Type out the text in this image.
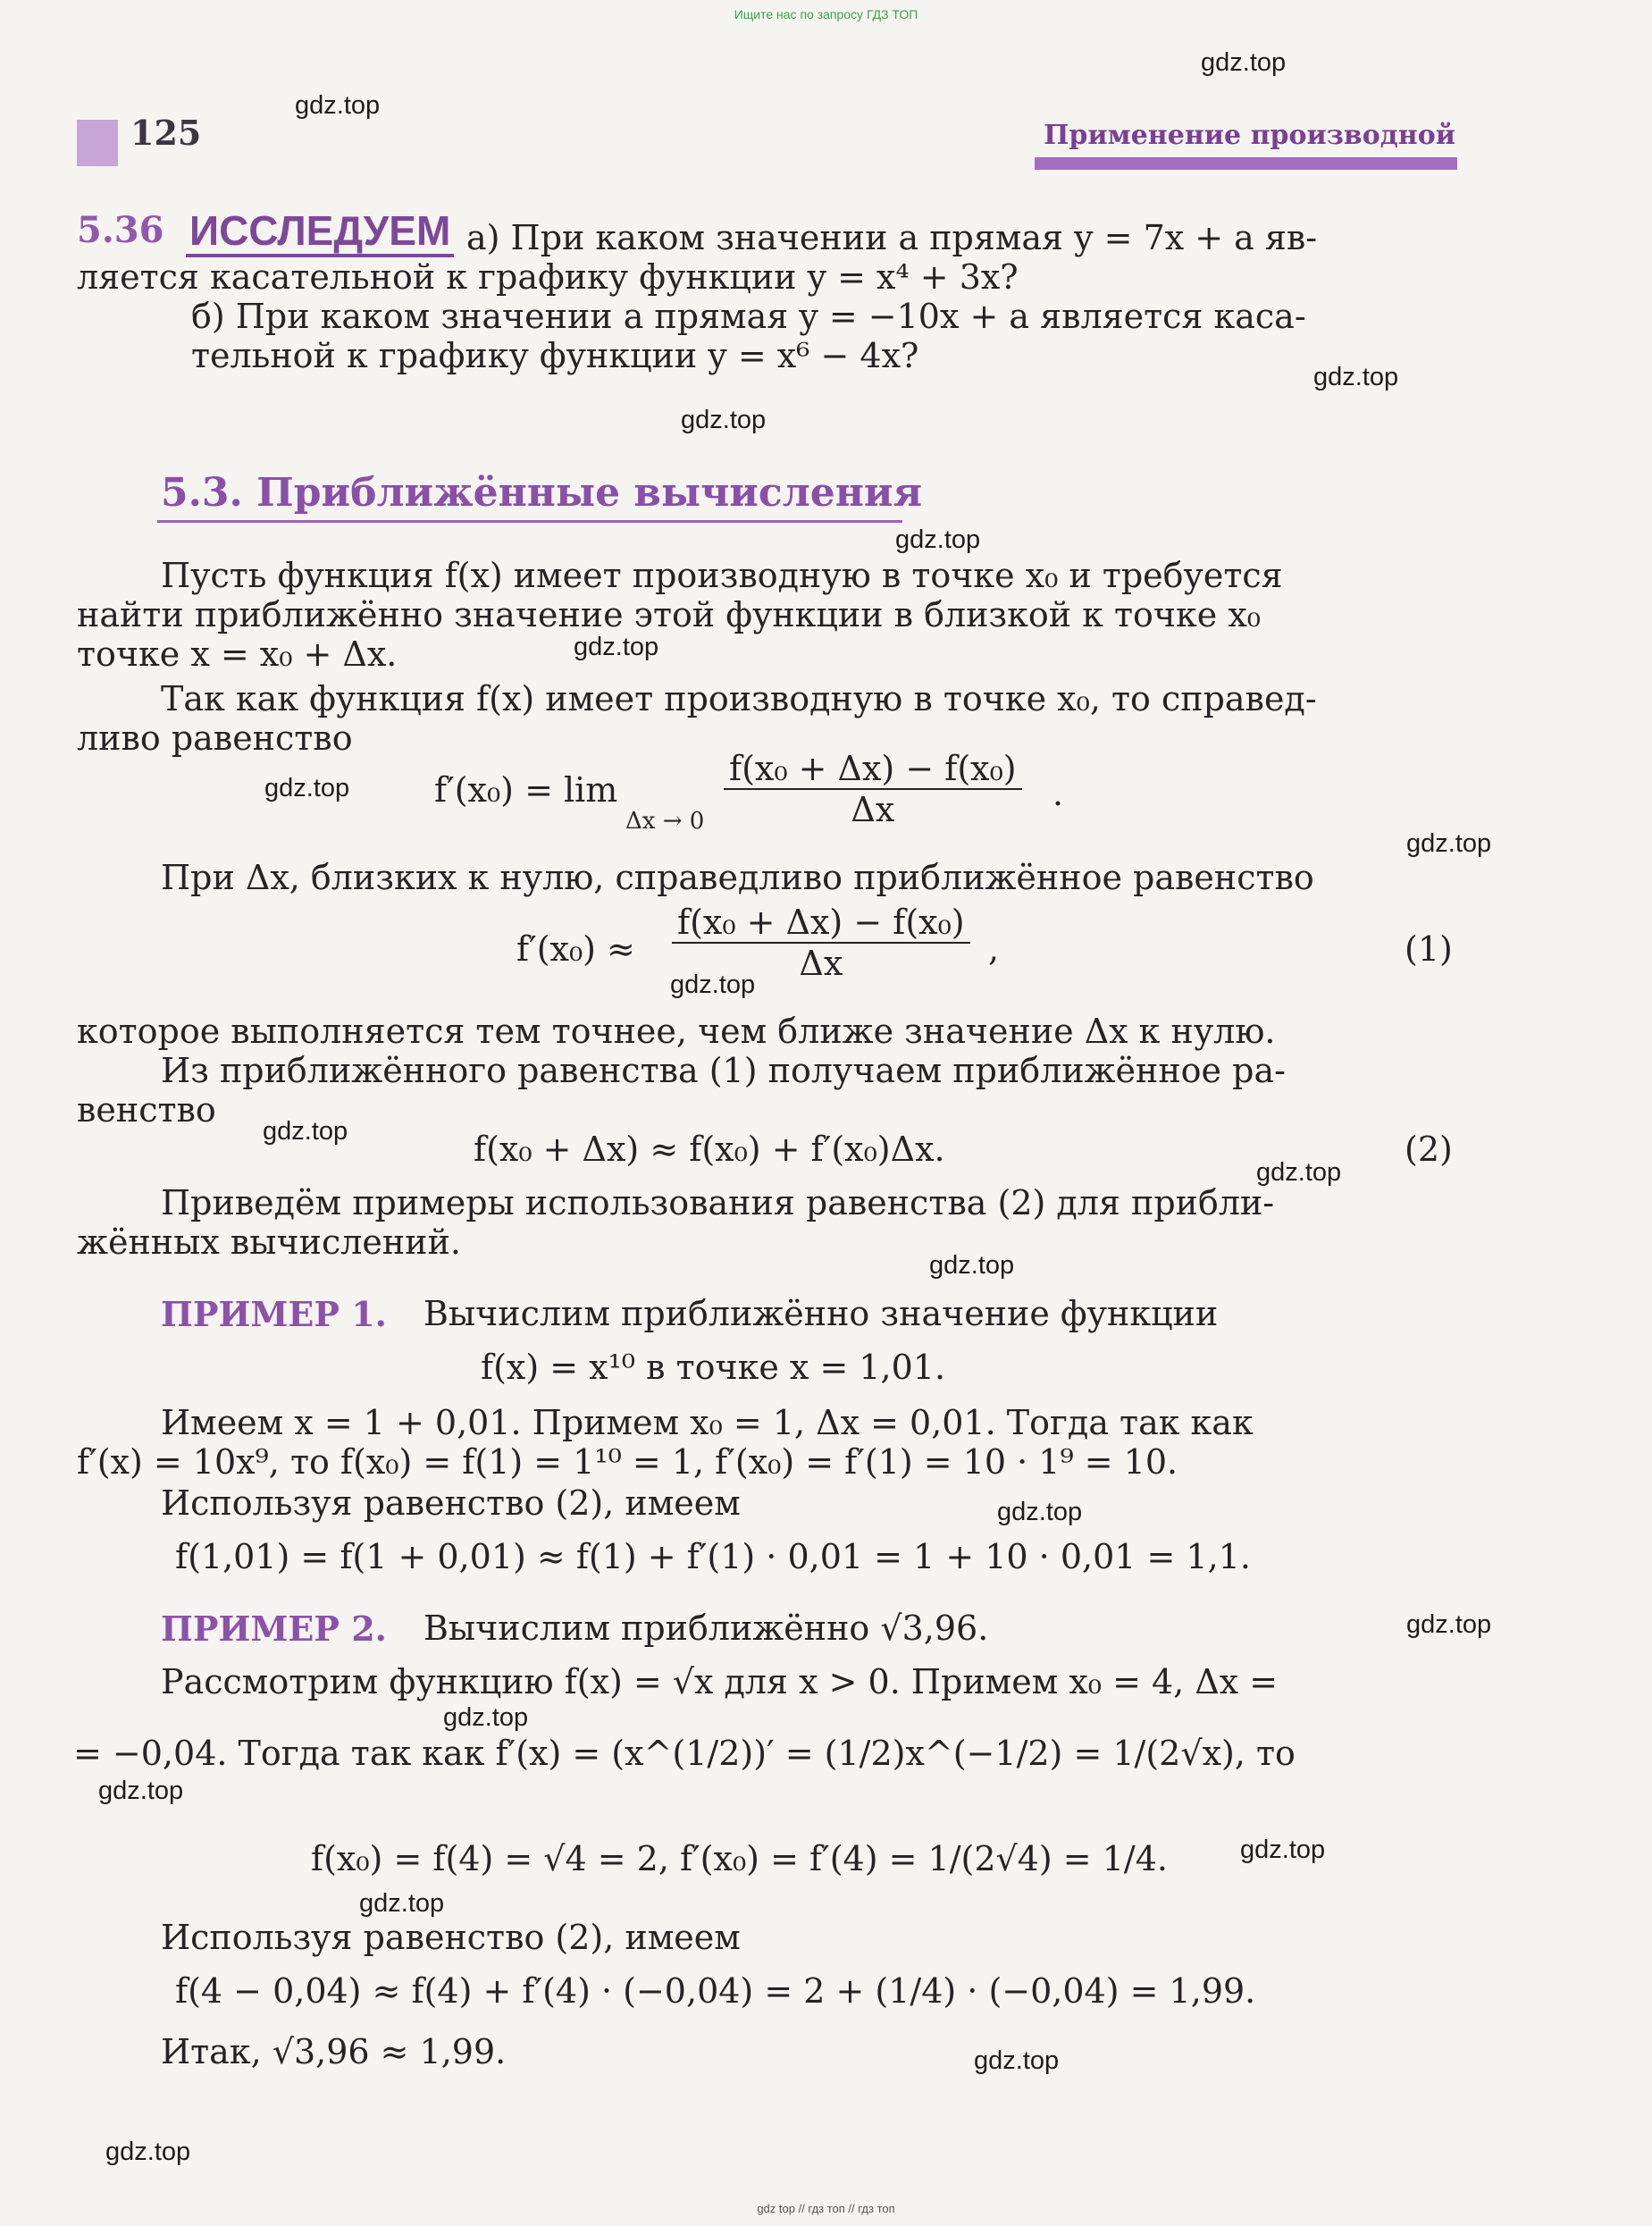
Ищите нас по запросу ГДЗ ТОП
125	Применение производной
5.36 ИССЛЕДУЕМ а) При каком значении a прямая y = 7x + a яв-
ляется касательной к графику функции y = x⁴ + 3x?
б) При каком значении a прямая y = −10x + a является каса-
тельной к графику функции y = x⁶ − 4x?
5.3. Приближённые вычисления
Пусть функция f(x) имеет производную в точке x₀ и требуется
найти приближённо значение этой функции в близкой к точке x₀
точке x = x₀ + Δx.
Так как функция f(x) имеет производную в точке x₀, то справед-
ливо равенство
f′(x₀) = lim
$\Delta x \to 0 \frac{\text{f(x₀ + Δx) − f(x₀)}}{\Delta x}$ .
При Δx, близких к нулю, справедливо приближённое равенство
$f'(x_0) \approx \frac{\text{f(x₀ + Δx) − f(x₀)}}{\Delta x}$ ,	(1)
которое выполняется тем точнее, чем ближе значение Δx к нулю.
Из приближённого равенства (1) получаем приближённое ра-
венство
f(x₀ + Δx) ≈ f(x₀) + f′(x₀)Δx.	(2)
Приведём примеры использования равенства (2) для прибли-
жённых вычислений.
ПРИМЕР 1. Вычислим приближённо значение функции
f(x) = x¹⁰ в точке x = 1,01.
Имеем x = 1 + 0,01. Примем x₀ = 1, Δx = 0,01. Тогда так как
f′(x) = 10x⁹, то f(x₀) = f(1) = 1¹⁰ = 1, f′(x₀) = f′(1) = 10 · 1⁹ = 10.
Используя равенство (2), имеем
f(1,01) = f(1 + 0,01) ≈ f(1) + f′(1) · 0,01 = 1 + 10 · 0,01 = 1,1.
ПРИМЕР 2. Вычислим приближённо √3,96.
Рассмотрим функцию f(x) = √x для x > 0. Примем x₀ = 4, Δx =
= −0,04. Тогда так как f′(x) = (x^(1/2))′ = (1/2)x^(−1/2) = 1/(2√x), то
f(x₀) = f(4) = √4 = 2, f′(x₀) = f′(4) = 1/(2√4) = 1/4.
Используя равенство (2), имеем
f(4 − 0,04) ≈ f(4) + f′(4) · (−0,04) = 2 + (1/4) · (−0,04) = 1,99.
Итак, √3,96 ≈ 1,99.
gdz.top
gdz.top
gdz.top
gdz.top
gdz.top
gdz.top
gdz.top
gdz.top
gdz.top
gdz.top
gdz.top
gdz.top
gdz.top
gdz.top
gdz.top
gdz.top
gdz.top
gdz.top
gdz.top
gdz.top
gdz top // гдз топ // гдз топ
